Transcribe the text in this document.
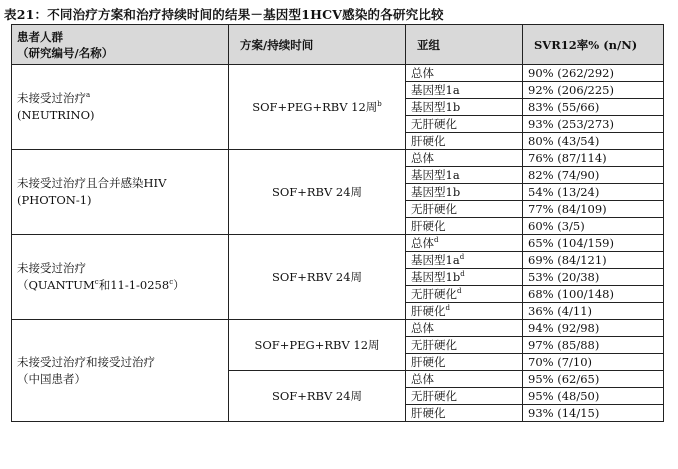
表21：不同治疗方案和治疗持续时间的结果－基因型1HCV感染的各研究比较
患者人群
（研究编号/名称）	方案/持续时间	亚组	SVR12率% (n/N)

未接受过治疗$^a$
(NEUTRINO)	SOF+PEG+RBV 12周$^b$	总体	90% (262/292)
		基因型1a	92% (206/225)
		基因型1b	83% (55/66)
		无肝硬化	93% (253/273)
		肝硬化	80% (43/54)

未接受过治疗且合并感染HIV
(PHOTON-1)	SOF+RBV 24周	总体	76% (87/114)
		基因型1a	82% (74/90)
		基因型1b	54% (13/24)
		无肝硬化	77% (84/109)
		肝硬化	60% (3/5)

未接受过治疗
（QUANTUM$^c$和11-1-0258$^c$）	SOF+RBV 24周	总体$^d$	65% (104/159)
		基因型$1a^d$	69% (84/121)
		基因型$1b^d$	53% (20/38)
		无肝硬化$^d$	68% (100/148)
		肝硬化$^d$	36% (4/11)

未接受过治疗和接受过治疗
（中国患者）	SOF+PEG+RBV 12周	总体	94% (92/98)
		无肝硬化	97% (85/88)
		肝硬化	70% (7/10)
	SOF+RBV 24周	总体	95% (62/65)
		无肝硬化	95% (48/50)
		肝硬化	93% (14/15)
